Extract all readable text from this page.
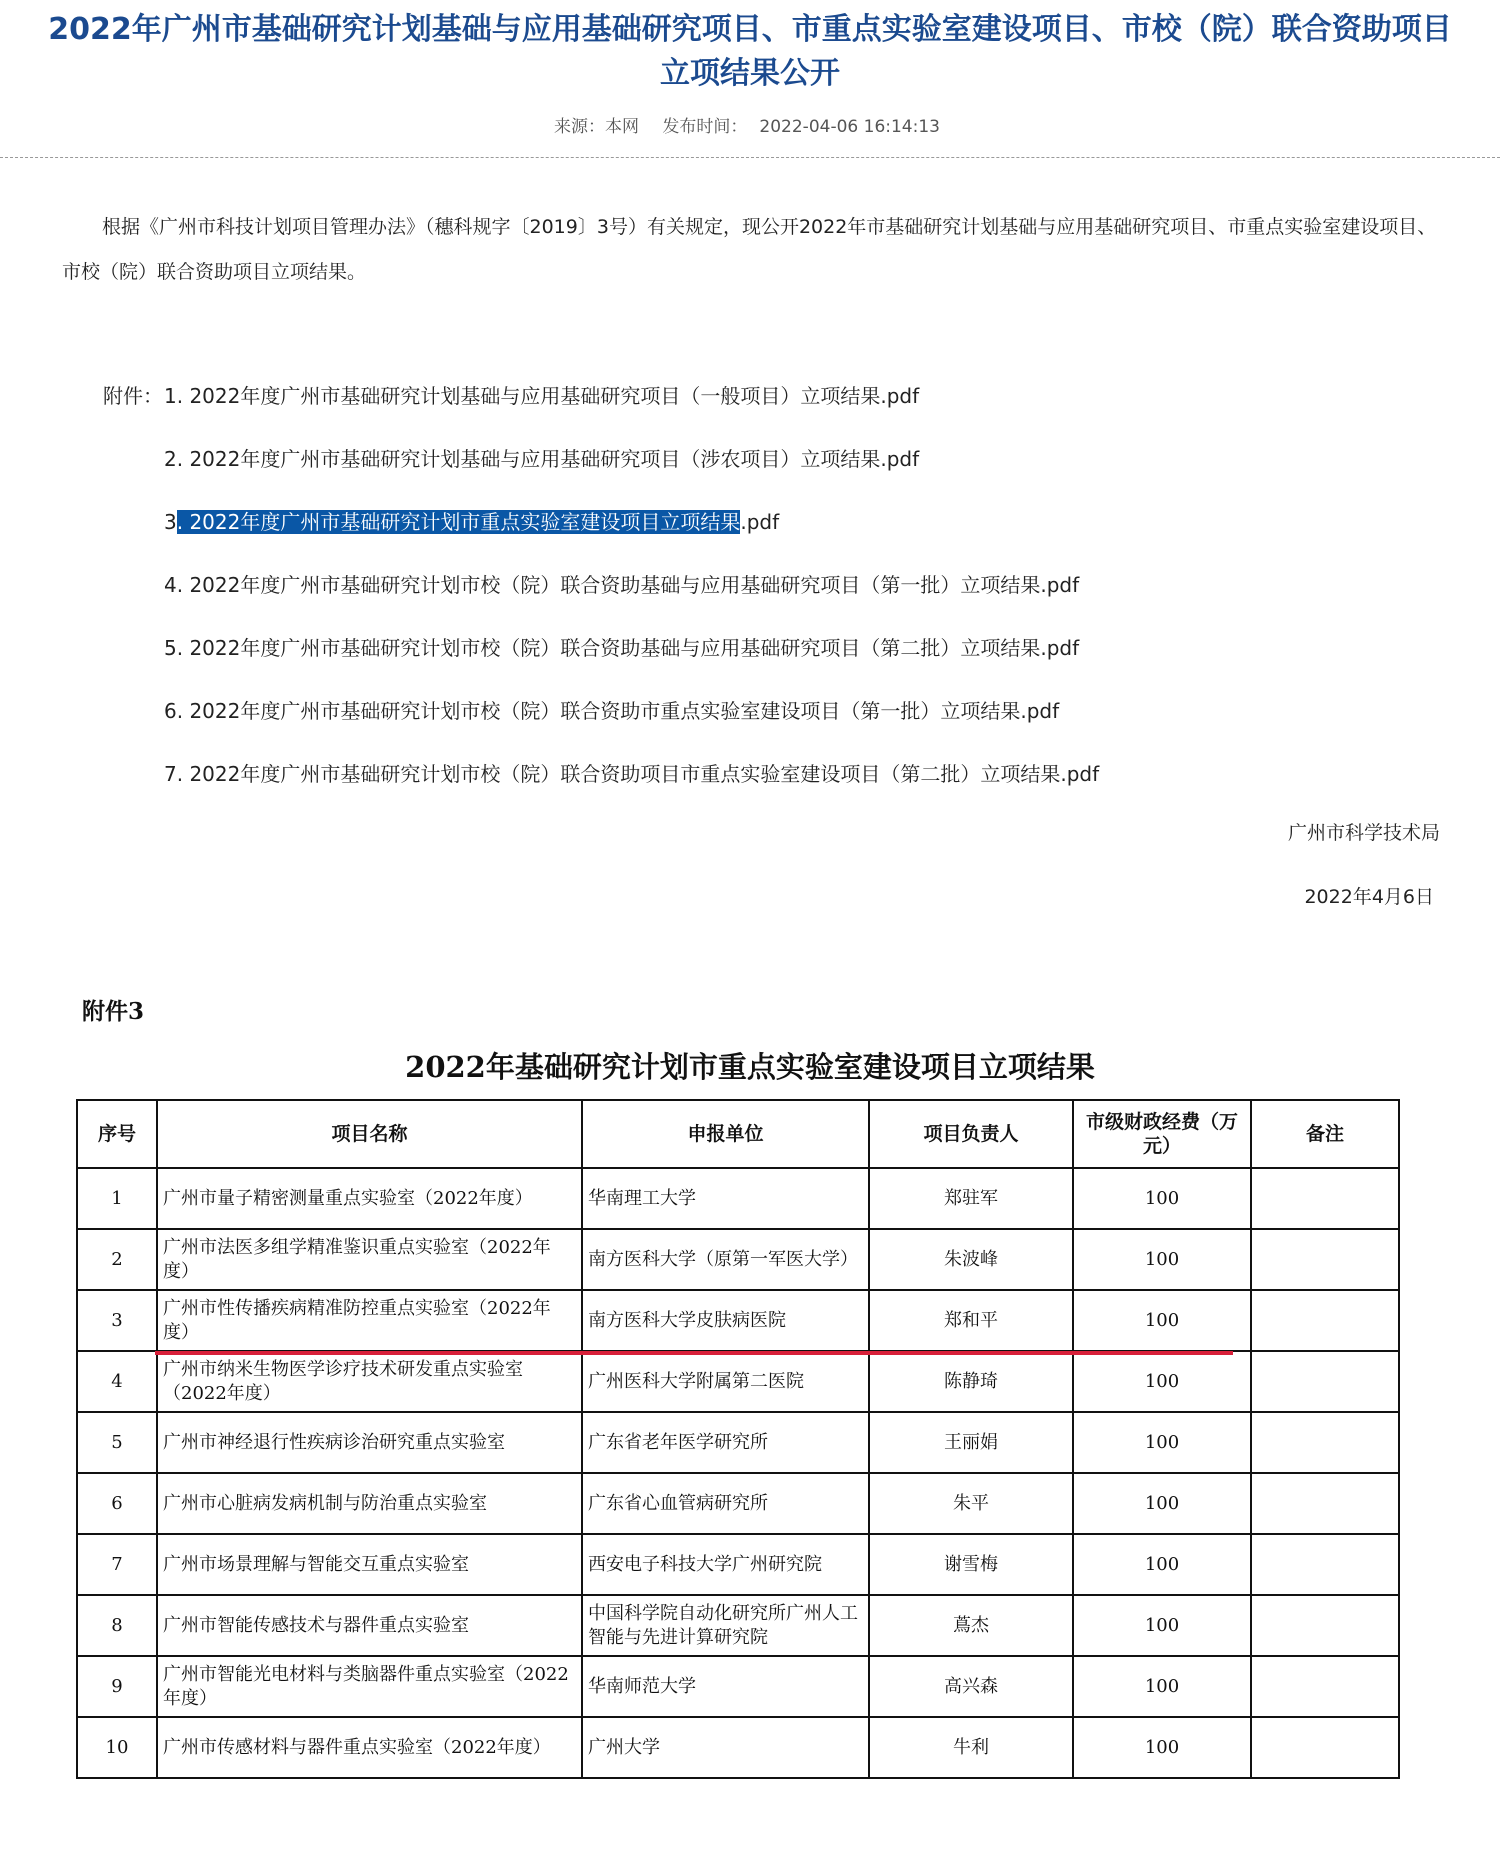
2022年广州市基础研究计划基础与应用基础研究项目、市重点实验室建设项目、市校（院）联合资助项目立项结果公开
来源：本网 发布时间： 2022-04-06 16:14:13
根据《广州市科技计划项目管理办法》（穗科规字〔2019〕3号）有关规定，现公开2022年市基础研究计划基础与应用基础研究项目、市重点实验室建设项目、市校（院）联合资助项目立项结果。
附件： 1. 2022年度广州市基础研究计划基础与应用基础研究项目（一般项目）立项结果.pdf
2. 2022年度广州市基础研究计划基础与应用基础研究项目（涉农项目）立项结果.pdf
3. 2022年度广州市基础研究计划市重点实验室建设项目立项结果.pdf
4. 2022年度广州市基础研究计划市校（院）联合资助基础与应用基础研究项目（第一批）立项结果.pdf
5. 2022年度广州市基础研究计划市校（院）联合资助基础与应用基础研究项目（第二批）立项结果.pdf
6. 2022年度广州市基础研究计划市校（院）联合资助市重点实验室建设项目（第一批）立项结果.pdf
7. 2022年度广州市基础研究计划市校（院）联合资助项目市重点实验室建设项目（第二批）立项结果.pdf
广州市科学技术局
2022年4月6日
附件3
2022年基础研究计划市重点实验室建设项目立项结果
序号	项目名称	申报单位	项目负责人	市级财政经费（万元）	备注
1	广州市量子精密测量重点实验室（2022年度）	华南理工大学	郑驻军	100	
2	广州市法医多组学精准鉴识重点实验室（2022年度）	南方医科大学（原第一军医大学）	朱波峰	100	
3	广州市性传播疾病精准防控重点实验室（2022年度）	南方医科大学皮肤病医院	郑和平	100	
4	广州市纳米生物医学诊疗技术研发重点实验室（2022年度）	广州医科大学附属第二医院	陈静琦	100	
5	广州市神经退行性疾病诊治研究重点实验室	广东省老年医学研究所	王丽娟	100	
6	广州市心脏病发病机制与防治重点实验室	广东省心血管病研究所	朱平	100	
7	广州市场景理解与智能交互重点实验室	西安电子科技大学广州研究院	谢雪梅	100	
8	广州市智能传感技术与器件重点实验室	中国科学院自动化研究所广州人工智能与先进计算研究院	蔦杰	100	
9	广州市智能光电材料与类脑器件重点实验室（2022年度）	华南师范大学	高兴森	100	
10	广州市传感材料与器件重点实验室（2022年度）	广州大学	牛利	100	
